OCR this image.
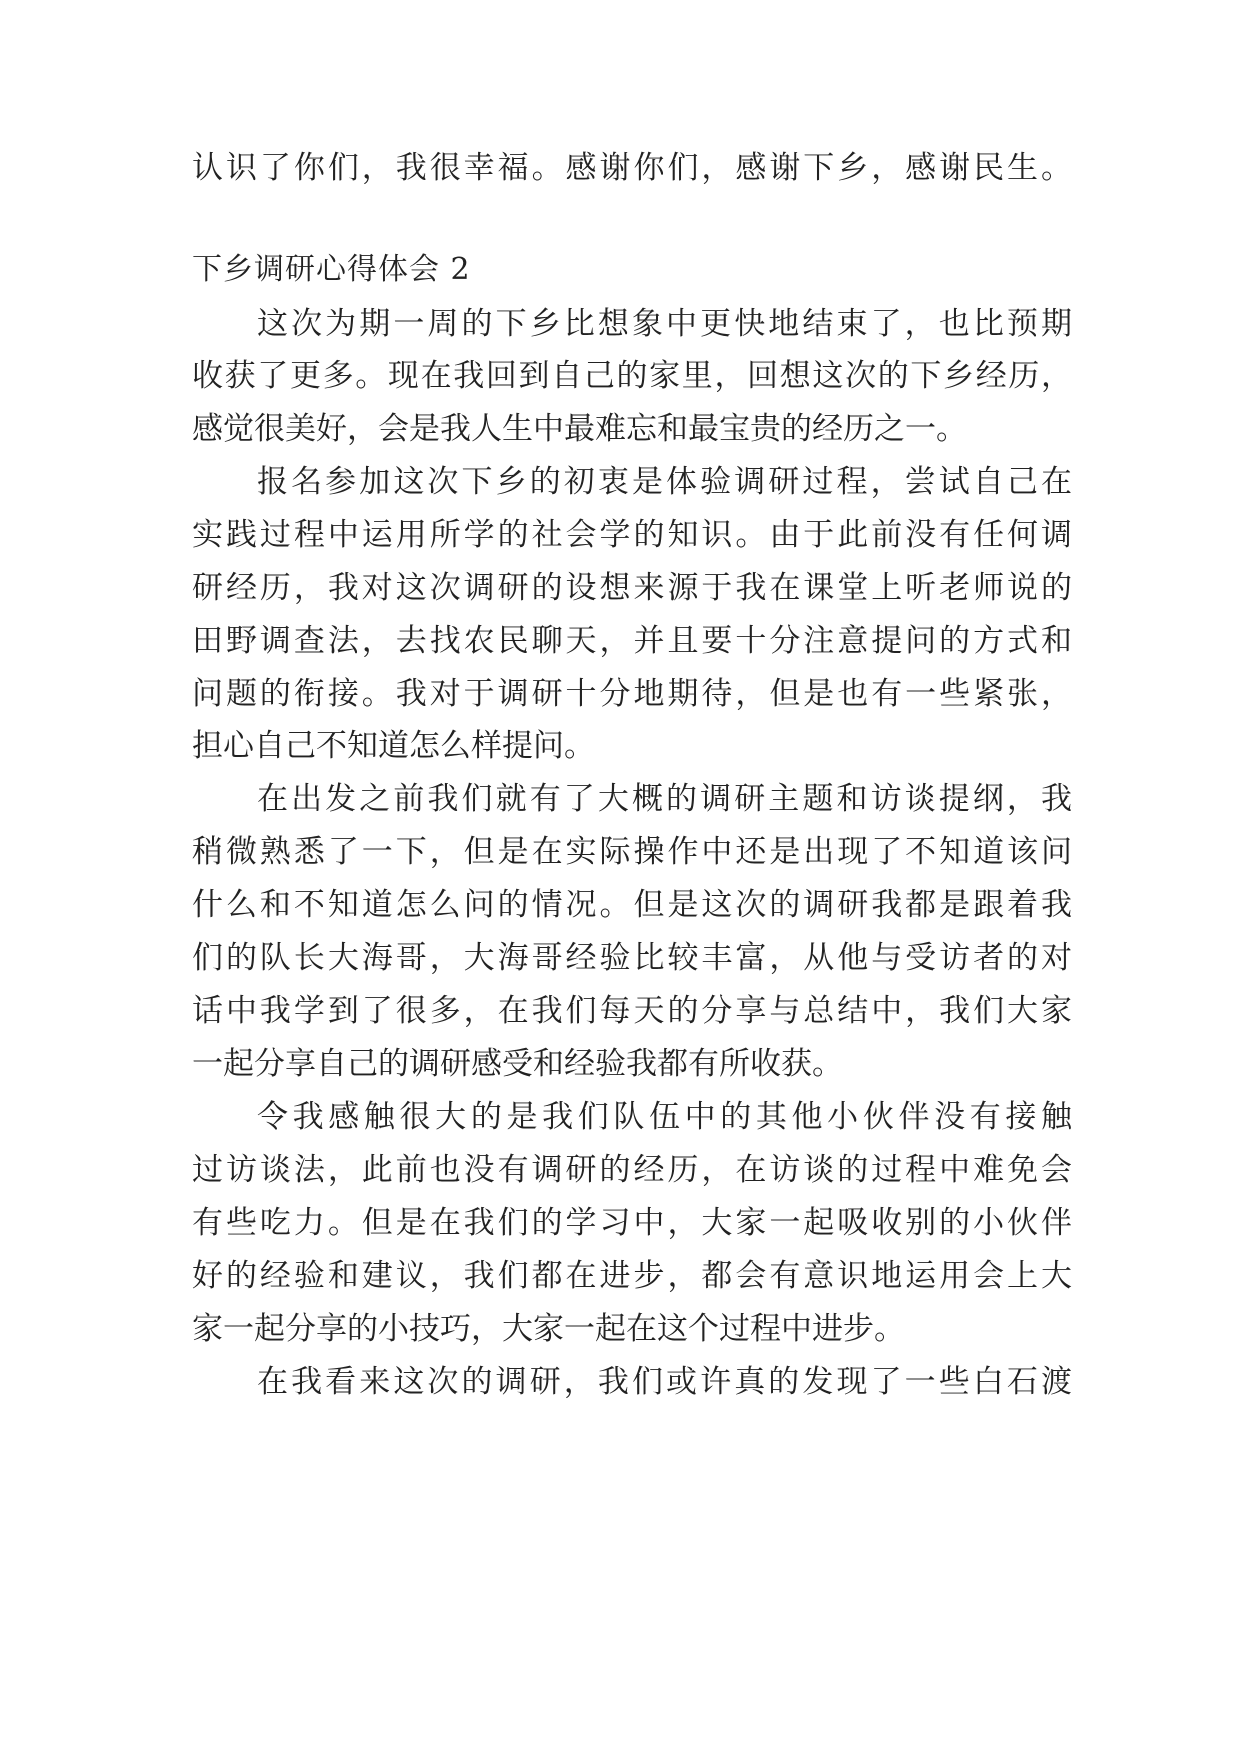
认识了你们，我很幸福。感谢你们，感谢下乡，感谢民生。
下乡调研心得体会 2
这次为期一周的下乡比想象中更快地结束了，也比预期
收获了更多。现在我回到自己的家里，回想这次的下乡经历，
感觉很美好，会是我人生中最难忘和最宝贵的经历之一。
报名参加这次下乡的初衷是体验调研过程，尝试自己在
实践过程中运用所学的社会学的知识。由于此前没有任何调
研经历，我对这次调研的设想来源于我在课堂上听老师说的
田野调查法，去找农民聊天，并且要十分注意提问的方式和
问题的衔接。我对于调研十分地期待，但是也有一些紧张，
担心自己不知道怎么样提问。
在出发之前我们就有了大概的调研主题和访谈提纲，我
稍微熟悉了一下，但是在实际操作中还是出现了不知道该问
什么和不知道怎么问的情况。但是这次的调研我都是跟着我
们的队长大海哥，大海哥经验比较丰富，从他与受访者的对
话中我学到了很多，在我们每天的分享与总结中，我们大家
一起分享自己的调研感受和经验我都有所收获。
令我感触很大的是我们队伍中的其他小伙伴没有接触
过访谈法，此前也没有调研的经历，在访谈的过程中难免会
有些吃力。但是在我们的学习中，大家一起吸收别的小伙伴
好的经验和建议，我们都在进步，都会有意识地运用会上大
家一起分享的小技巧，大家一起在这个过程中进步。
在我看来这次的调研，我们或许真的发现了一些白石渡
